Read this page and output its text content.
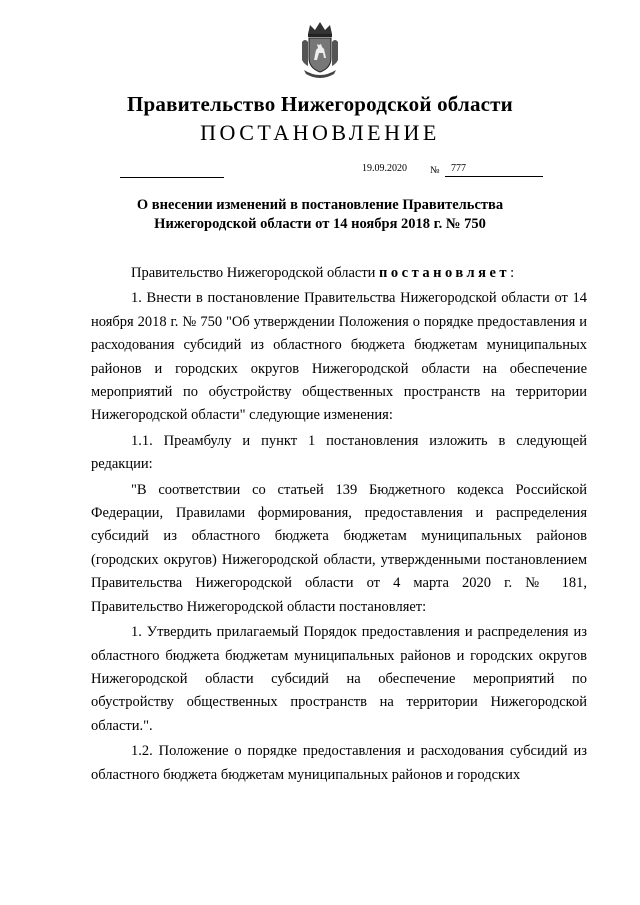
Правительство Нижегородской области
ПОСТАНОВЛЕНИЕ
19.09.2020 №	777
О внесении изменений в постановление Правительства
Нижегородской области от 14 ноября 2018 г. № 750

Правительство Нижегородской области постановляет:

1. Внести в постановление Правительства Нижегородской области от 14 ноября 2018 г. № 750 "Об утверждении Положения о порядке предоставления и расходования субсидий из областного бюджета бюджетам муниципальных районов и городских округов Нижегородской области на обеспечение мероприятий по обустройству общественных пространств на территории Нижегородской области" следующие изменения:

1.1. Преамбулу и пункт 1 постановления изложить в следующей редакции:

"В соответствии со статьей 139 Бюджетного кодекса Российской Федерации, Правилами формирования, предоставления и распределения субсидий из областного бюджета бюджетам муниципальных районов (городских округов) Нижегородской области, утвержденными постановлением Правительства Нижегородской области от 4 марта 2020 г. № 181, Правительство Нижегородской области постановляет:

1. Утвердить прилагаемый Порядок предоставления и распределения из областного бюджета бюджетам муниципальных районов и городских округов Нижегородской области субсидий на обеспечение мероприятий по обустройству общественных пространств на территории Нижегородской области.".

1.2. Положение о порядке предоставления и расходования субсидий из областного бюджета бюджетам муниципальных районов и городских
